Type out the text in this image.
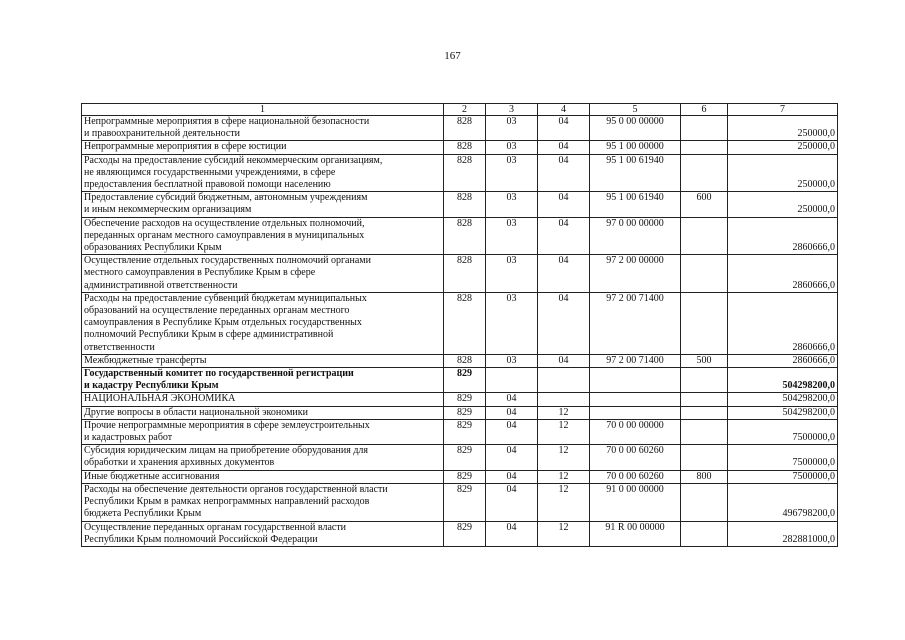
167
1	2	3	4	5	6	7
Непрограммные мероприятия в сфере национальной безопасности
и правоохранительной деятельности	828	03	04	95 0 00 00000		250000,0
Непрограммные мероприятия в сфере юстиции	828	03	04	95 1 00 00000		250000,0
Расходы на предоставление субсидий некоммерческим организациям,
не являющимся государственными учреждениями, в сфере
предоставления бесплатной правовой помощи населению	828	03	04	95 1 00 61940		250000,0
Предоставление субсидий бюджетным, автономным учреждениям
и иным некоммерческим организациям	828	03	04	95 1 00 61940	600	250000,0
Обеспечение расходов на осуществление отдельных полномочий,
переданных органам местного самоуправления в муниципальных
образованиях Республики Крым	828	03	04	97 0 00 00000		2860666,0
Осуществление отдельных государственных полномочий органами
местного самоуправления в Республике Крым в сфере
административной ответственности	828	03	04	97 2 00 00000		2860666,0
Расходы на предоставление субвенций бюджетам муниципальных
образований на осуществление переданных органам местного
самоуправления в Республике Крым отдельных государственных
полномочий Республики Крым в сфере административной
ответственности	828	03	04	97 2 00 71400		2860666,0
Межбюджетные трансферты	828	03	04	97 2 00 71400	500	2860666,0
Государственный комитет по государственной регистрации
и кадастру Республики Крым	829					504298200,0
НАЦИОНАЛЬНАЯ ЭКОНОМИКА	829	04				504298200,0
Другие вопросы в области национальной экономики	829	04	12			504298200,0
Прочие непрограммные мероприятия в сфере землеустроительных
и кадастровых работ	829	04	12	70 0 00 00000		7500000,0
Субсидия юридическим лицам на приобретение оборудования для
обработки и хранения архивных документов	829	04	12	70 0 00 60260		7500000,0
Иные бюджетные ассигнования	829	04	12	70 0 00 60260	800	7500000,0
Расходы на обеспечение деятельности органов государственной власти
Республики Крым в рамках непрограммных направлений расходов
бюджета Республики Крым	829	04	12	91 0 00 00000		496798200,0
Осуществление переданных органам государственной власти
Республики Крым полномочий Российской Федерации	829	04	12	91 R 00 00000		282881000,0
